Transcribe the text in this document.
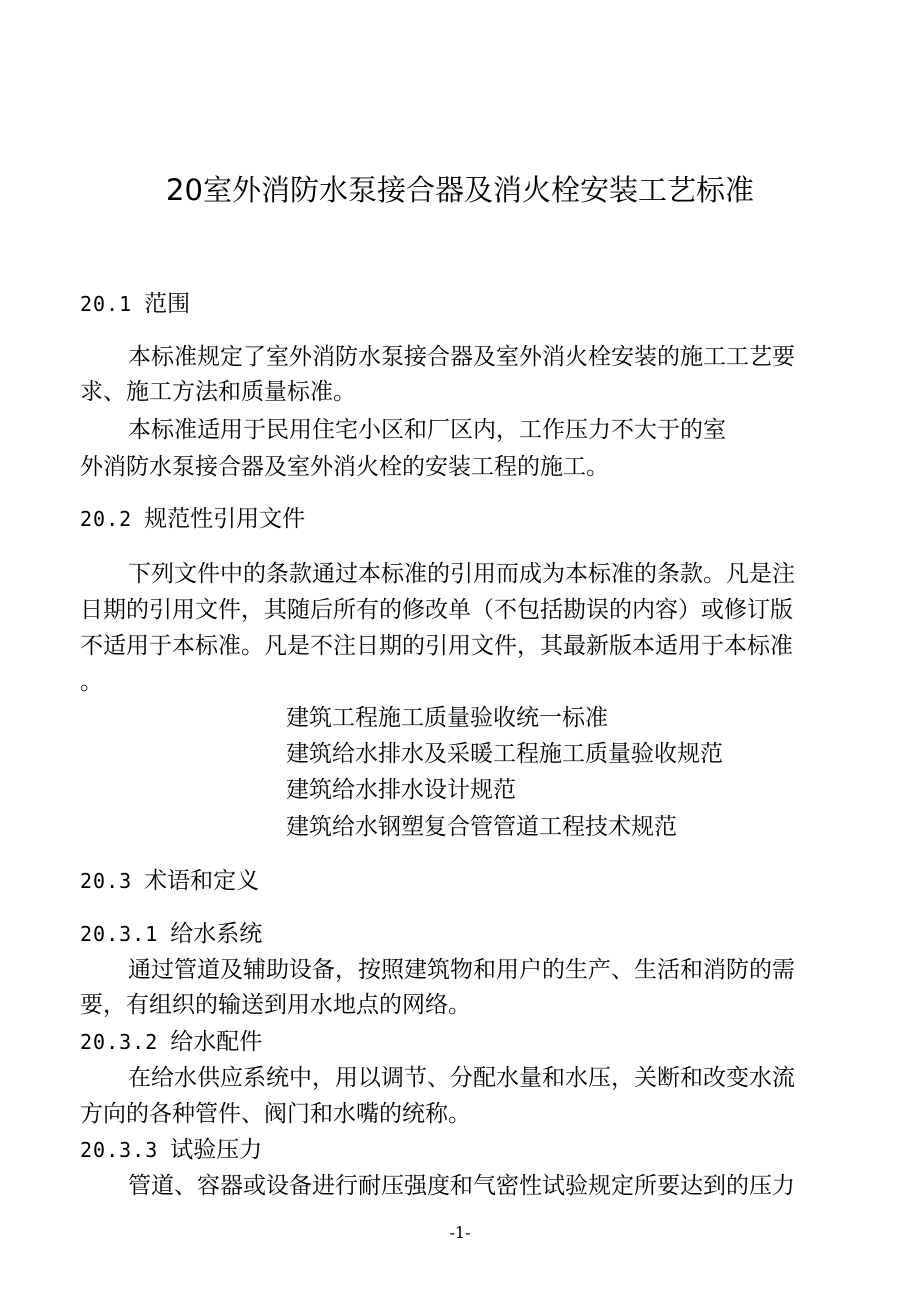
20室外消防水泵接合器及消火栓安装工艺标准
20.1 范围
本标准规定了室外消防水泵接合器及室外消火栓安装的施工工艺要
求、施工方法和质量标准。
本标准适用于民用住宅小区和厂区内，工作压力不大于的室
外消防水泵接合器及室外消火栓的安装工程的施工。
20.2 规范性引用文件
下列文件中的条款通过本标准的引用而成为本标准的条款。凡是注
日期的引用文件，其随后所有的修改单（不包括勘误的内容）或修订版
不适用于本标准。凡是不注日期的引用文件，其最新版本适用于本标准
。
建筑工程施工质量验收统一标准
建筑给水排水及采暖工程施工质量验收规范
建筑给水排水设计规范
建筑给水钢塑复合管管道工程技术规范
20.3 术语和定义
20.3.1 给水系统
通过管道及辅助设备，按照建筑物和用户的生产、生活和消防的需
要，有组织的输送到用水地点的网络。
20.3.2 给水配件
在给水供应系统中，用以调节、分配水量和水压，关断和改变水流
方向的各种管件、阀门和水嘴的统称。
20.3.3 试验压力
管道、容器或设备进行耐压强度和气密性试验规定所要达到的压力
-1-
